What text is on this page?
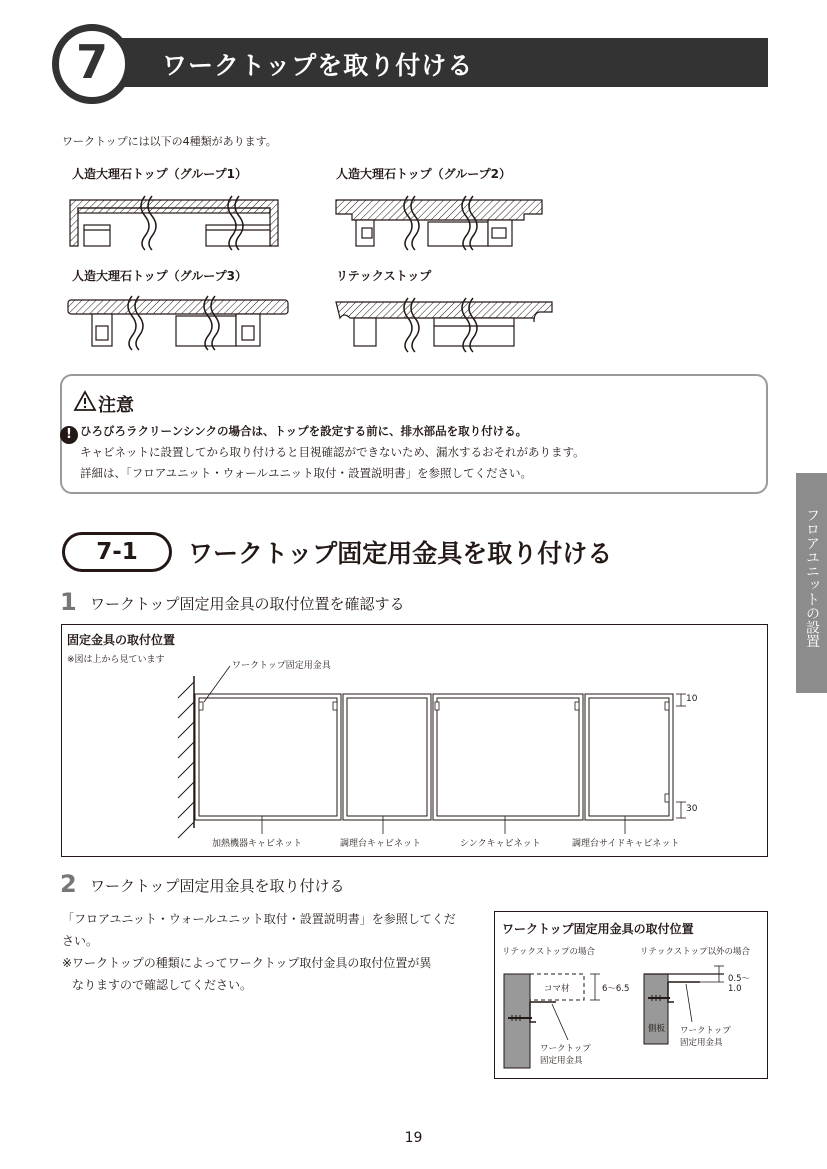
ワークトップを取り付ける
7
ワークトップには以下の4種類があります。
人造大理石トップ（グループ1）	人造大理石トップ（グループ2）
人造大理石トップ（グループ3）	リテックストップ
注意
! ひろびろラクリーンシンクの場合は、トップを設定する前に、排水部品を取り付ける。
キャビネットに設置してから取り付けると目視確認ができないため、漏水するおそれがあります。
詳細は、「フロアユニット・ウォールユニット取付・設置説明書」を参照してください。
7-1	ワークトップ固定用金具を取り付ける	フロアユニットの設置
1 ワークトップ固定用金具の取付位置を確認する
固定金具の取付位置
※図は上から見ています
ワークトップ固定用金具
10
30
加熱機器キャビネット	調理台キャビネット	シンクキャビネット	調理台サイドキャビネット
2 ワークトップ固定用金具を取り付ける
「フロアユニット・ウォールユニット取付・設置説明書」を参照してくだ
さい。
※ワークトップの種類によってワークトップ取付金具の取付位置が異
なりますので確認してください。
ワークトップ固定用金具の取付位置
リテックストップの場合	リテックストップ以外の場合
コマ材	6〜6.5
ワークトップ
固定用金具
0.5〜
1.0
側板 ワークトップ
固定用金具
19
